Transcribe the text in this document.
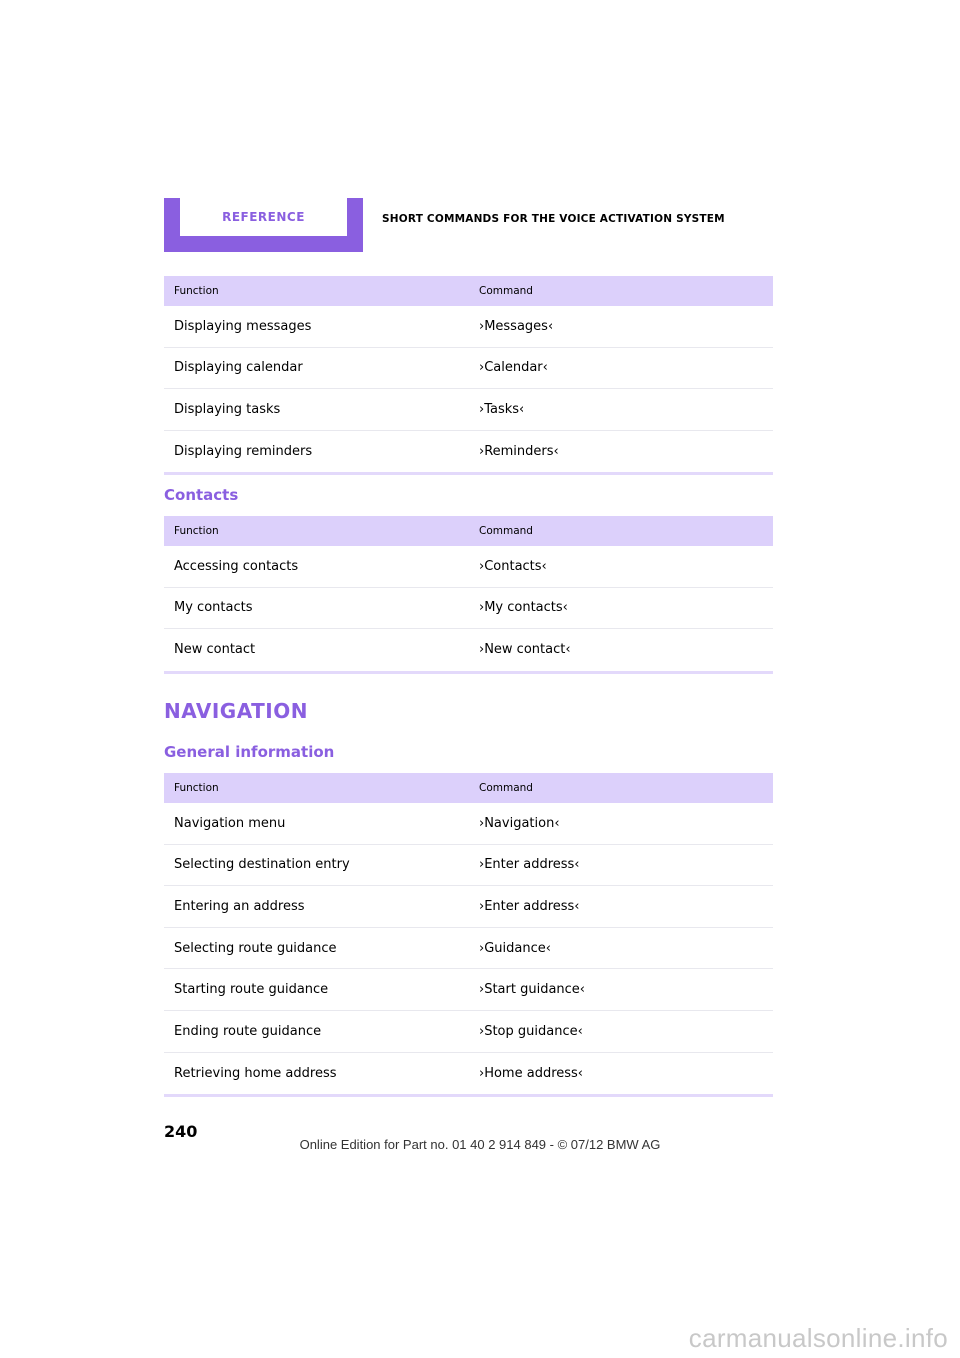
REFERENCE	SHORT COMMANDS FOR THE VOICE ACTIVATION SYSTEM
Function	Command
Displaying messages	›Messages‹
Displaying calendar	›Calendar‹
Displaying tasks	›Tasks‹
Displaying reminders	›Reminders‹
Contacts
Function	Command
Accessing contacts	›Contacts‹
My contacts	›My contacts‹
New contact	›New contact‹
NAVIGATION
General information
Function	Command
Navigation menu	›Navigation‹
Selecting destination entry	›Enter address‹
Entering an address	›Enter address‹
Selecting route guidance	›Guidance‹
Starting route guidance	›Start guidance‹
Ending route guidance	›Stop guidance‹
Retrieving home address	›Home address‹
240
Online Edition for Part no. 01 40 2 914 849 - © 07/12 BMW AG
carmanualsonline.info
